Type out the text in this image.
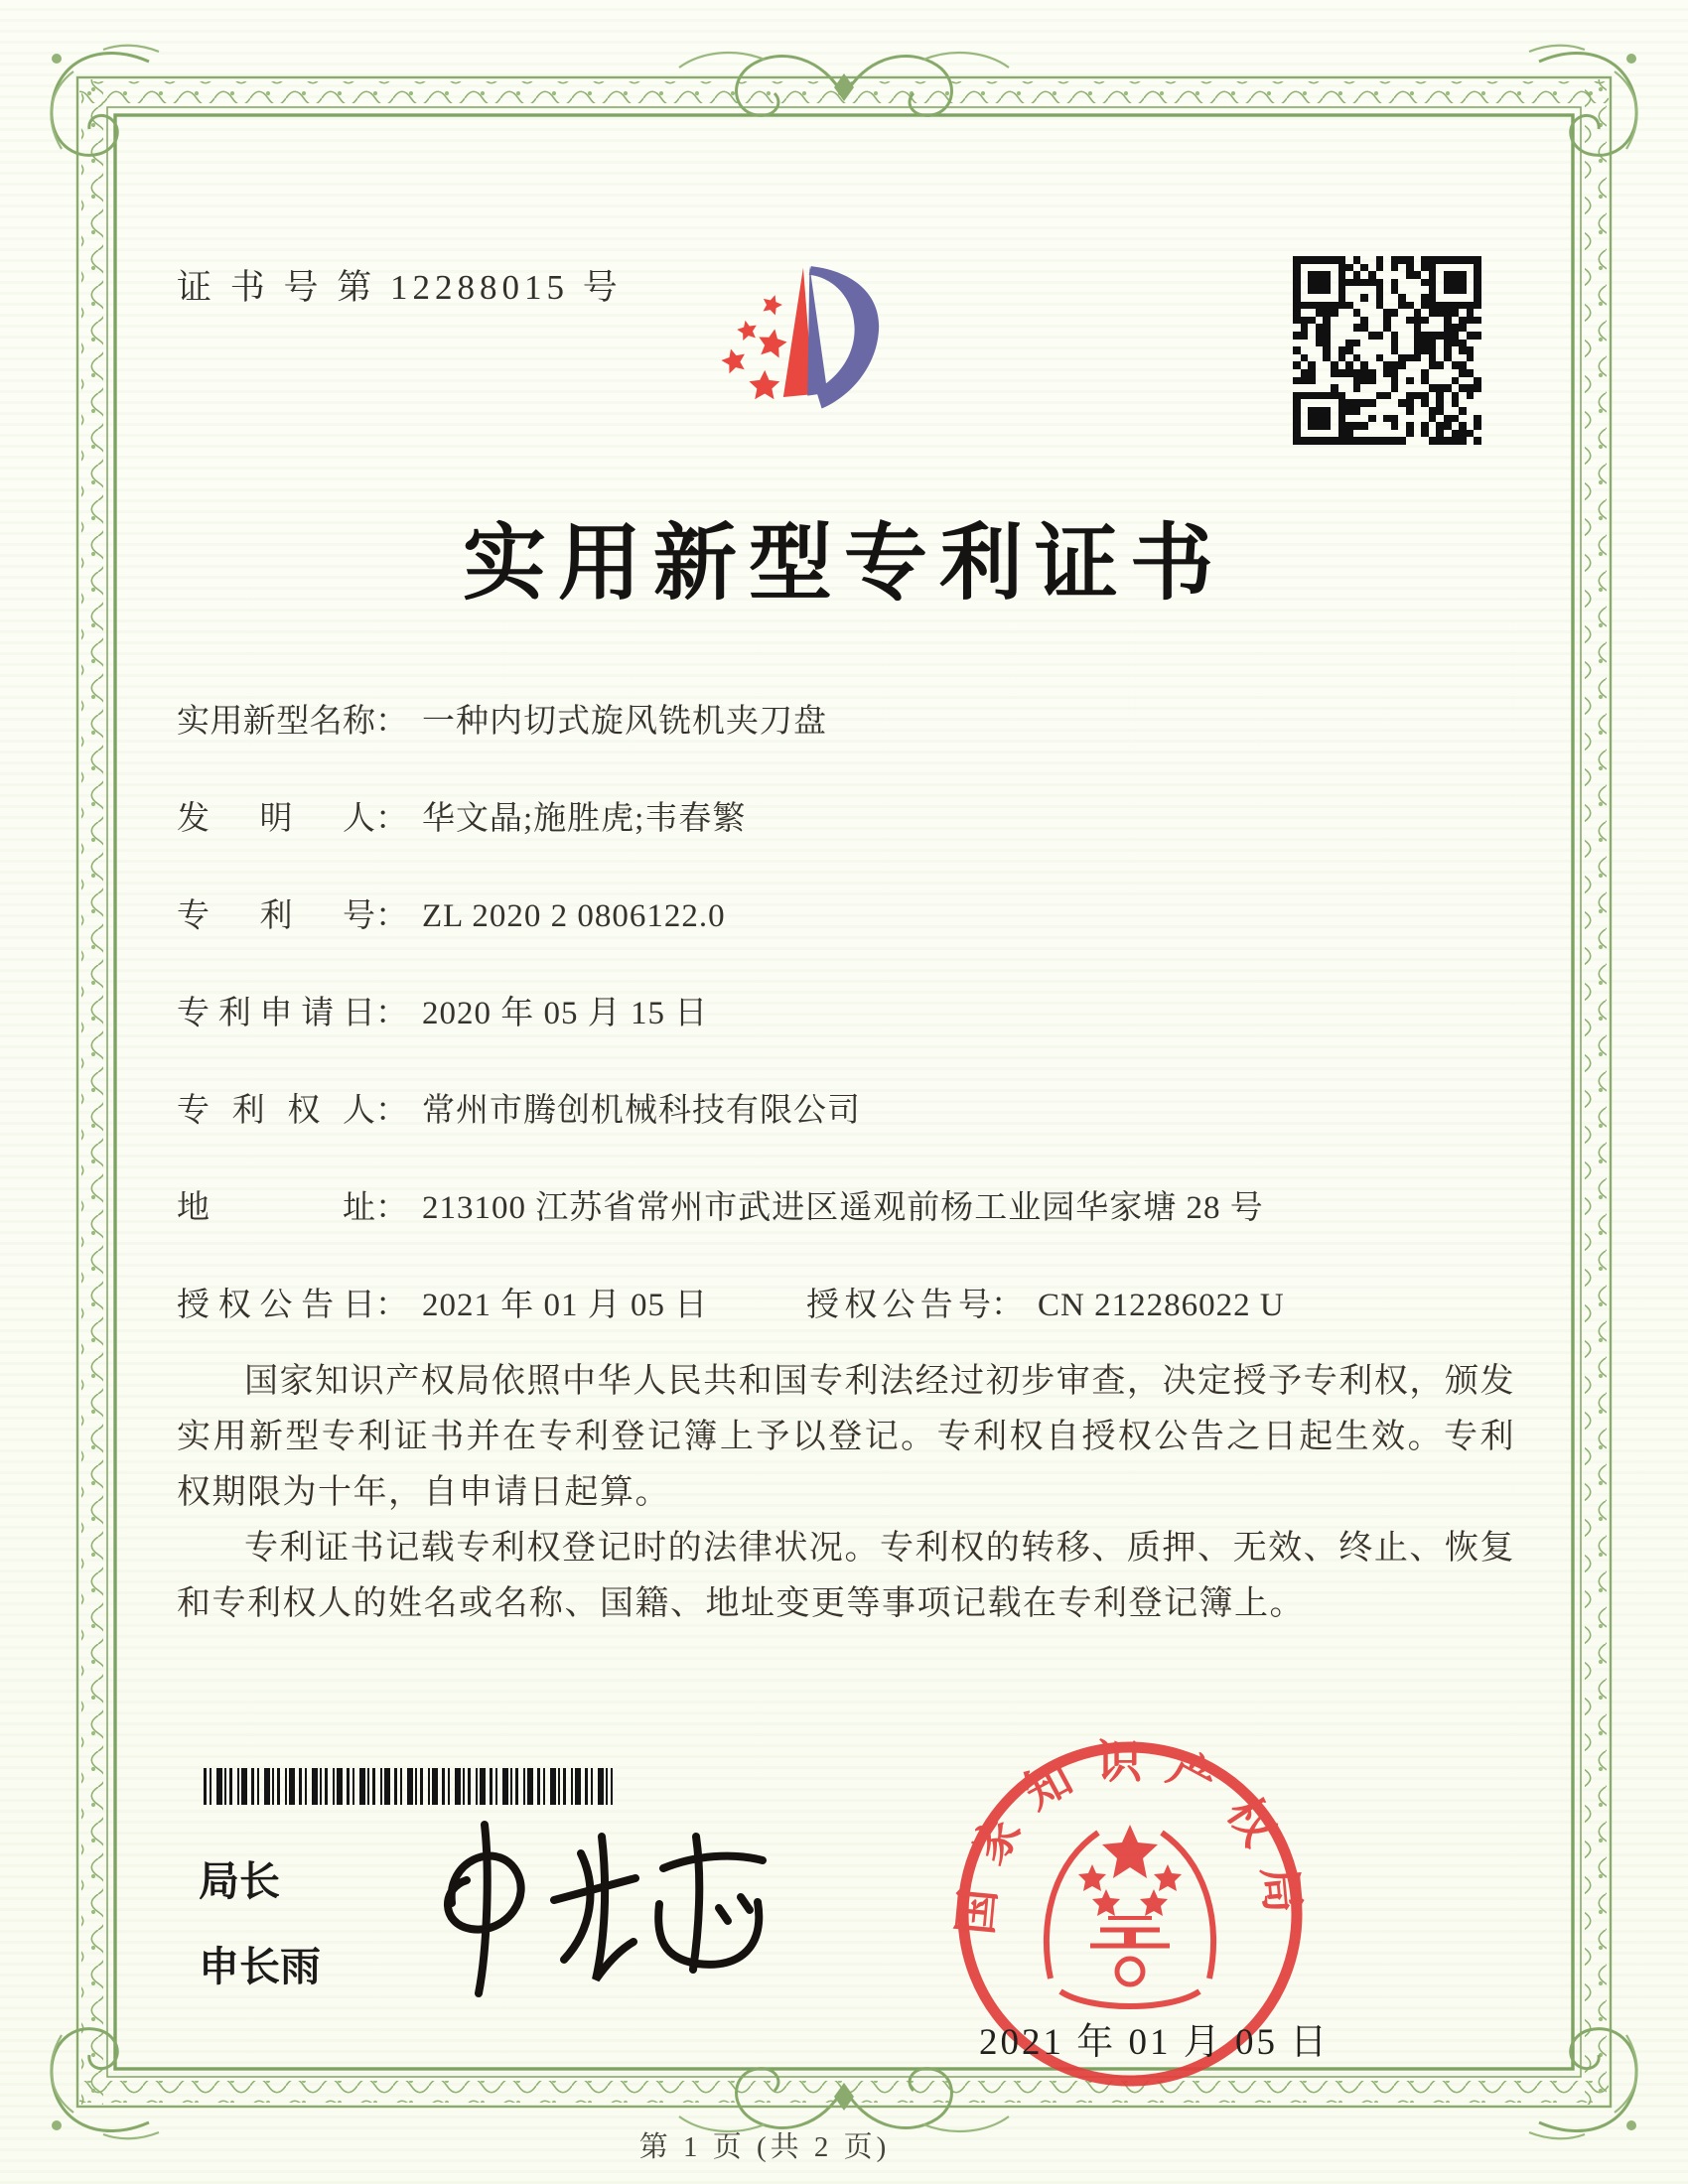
证 书 号 第 12288015 号
实用新型专利证书
实用新型名称 ： 一种内切式旋风铣机夹刀盘
发明人 ： 华文晶;施胜虎;韦春繁
专利号 ： ZL 2020 2 0806122.0
专利申请日 ： 2020 年 05 月 15 日
专利权人 ： 常州市腾创机械科技有限公司
地址 ： 213100 江苏省常州市武进区遥观前杨工业园华家塘 28 号
授权公告日 ： 2021 年 01 月 05 日	授权公告号 ： CN 212286022 U

国家知识产权局依照中华人民共和国专利法经过初步审查，决定授予专利权，颁发实用新型专利证书并在专利登记簿上予以登记。专利权自授权公告之日起生效。专利权期限为十年，自申请日起算。

专利证书记载专利权登记时的法律状况。专利权的转移、质押、无效、终止、恢复和专利权人的姓名或名称、国籍、地址变更等事项记载在专利登记簿上。

局长
申长雨
国家知识产权局
2021 年 01 月 05 日
第 1 页 (共 2 页)
